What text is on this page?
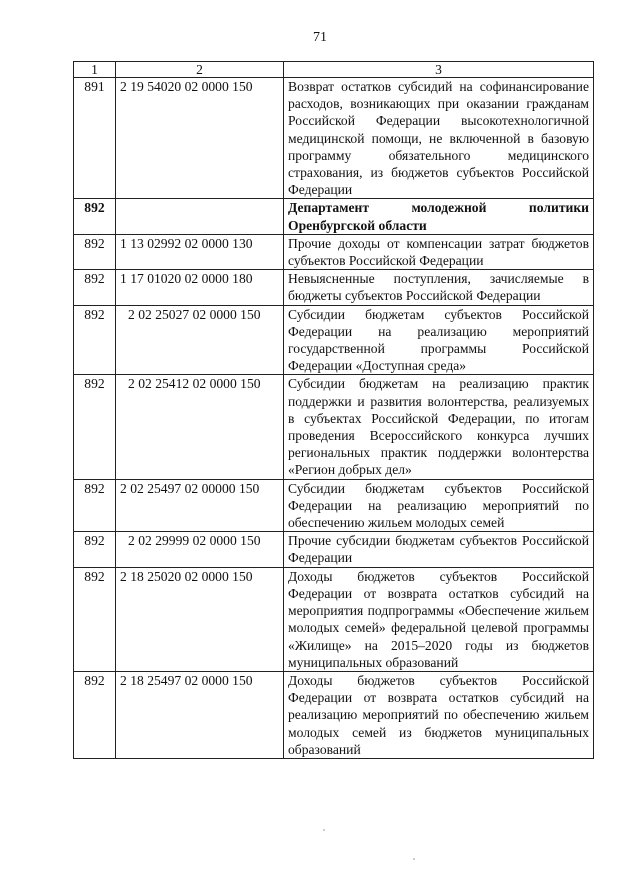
71
1	2	3
891	2 19 54020 02 0000 150	Возврат остатков субсидий на софинансирование расходов, возникающих при оказании гражданам Российской Федерации высокотехнологичной медицинской помощи, не включенной в базовую программу обязательного медицинского страхования, из бюджетов субъектов Российской Федерации
892		Департамент молодежной политики Оренбургской области
892	1 13 02992 02 0000 130	Прочие доходы от компенсации затрат бюджетов субъектов Российской Федерации
892	1 17 01020 02 0000 180	Невыясненные поступления, зачисляемые в бюджеты субъектов Российской Федерации
892	2 02 25027 02 0000 150	Субсидии бюджетам субъектов Российской Федерации на реализацию мероприятий государственной программы Российской Федерации «Доступная среда»
892	2 02 25412 02 0000 150	Субсидии бюджетам на реализацию практик поддержки и развития волонтерства, реализуемых в субъектах Российской Федерации, по итогам проведения Всероссийского конкурса лучших региональных практик поддержки волонтерства «Регион добрых дел»
892	2 02 25497 02 00000 150	Субсидии бюджетам субъектов Российской Федерации на реализацию мероприятий по обеспечению жильем молодых семей
892	2 02 29999 02 0000 150	Прочие субсидии бюджетам субъектов Российской Федерации
892	2 18 25020 02 0000 150	Доходы бюджетов субъектов Российской Федерации от возврата остатков субсидий на мероприятия подпрограммы «Обеспечение жильем молодых семей» федеральной целевой программы «Жилище» на 2015–2020 годы из бюджетов муниципальных образований
892	2 18 25497 02 0000 150	Доходы бюджетов субъектов Российской Федерации от возврата остатков субсидий на реализацию мероприятий по обеспечению жильем молодых семей из бюджетов муниципальных образований
